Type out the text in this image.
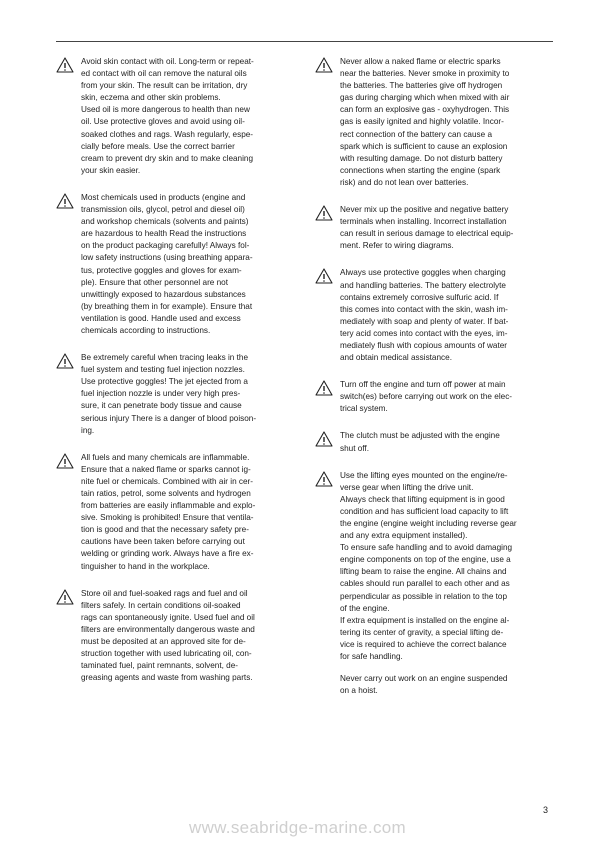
Avoid skin contact with oil. Long-term or repeat-
ed contact with oil can remove the natural oils
from your skin. The result can be irritation, dry
skin, eczema and other skin problems.
Used oil is more dangerous to health than new
oil. Use protective gloves and avoid using oil-
soaked clothes and rags. Wash regularly, espe-
cially before meals. Use the correct barrier
cream to prevent dry skin and to make cleaning
your skin easier.

Most chemicals used in products (engine and
transmission oils, glycol, petrol and diesel oil)
and workshop chemicals (solvents and paints)
are hazardous to health Read the instructions
on the product packaging carefully! Always fol-
low safety instructions (using breathing appara-
tus, protective goggles and gloves for exam-
ple). Ensure that other personnel are not
unwittingly exposed to hazardous substances
(by breathing them in for example). Ensure that
ventilation is good. Handle used and excess
chemicals according to instructions.

Be extremely careful when tracing leaks in the
fuel system and testing fuel injection nozzles.
Use protective goggles! The jet ejected from a
fuel injection nozzle is under very high pres-
sure, it can penetrate body tissue and cause
serious injury There is a danger of blood poison-
ing.

All fuels and many chemicals are inflammable.
Ensure that a naked flame or sparks cannot ig-
nite fuel or chemicals. Combined with air in cer-
tain ratios, petrol, some solvents and hydrogen
from batteries are easily inflammable and explo-
sive. Smoking is prohibited! Ensure that ventila-
tion is good and that the necessary safety pre-
cautions have been taken before carrying out
welding or grinding work. Always have a fire ex-
tinguisher to hand in the workplace.

Store oil and fuel-soaked rags and fuel and oil
filters safely. In certain conditions oil-soaked
rags can spontaneously ignite. Used fuel and oil
filters are environmentally dangerous waste and
must be deposited at an approved site for de-
struction together with used lubricating oil, con-
taminated fuel, paint remnants, solvent, de-
greasing agents and waste from washing parts.

Never allow a naked flame or electric sparks
near the batteries. Never smoke in proximity to
the batteries. The batteries give off hydrogen
gas during charging which when mixed with air
can form an explosive gas - oxyhydrogen. This
gas is easily ignited and highly volatile. Incor-
rect connection of the battery can cause a
spark which is sufficient to cause an explosion
with resulting damage. Do not disturb battery
connections when starting the engine (spark
risk) and do not lean over batteries.

Never mix up the positive and negative battery
terminals when installing. Incorrect installation
can result in serious damage to electrical equip-
ment. Refer to wiring diagrams.

Always use protective goggles when charging
and handling batteries. The battery electrolyte
contains extremely corrosive sulfuric acid. If
this comes into contact with the skin, wash im-
mediately with soap and plenty of water. If bat-
tery acid comes into contact with the eyes, im-
mediately flush with copious amounts of water
and obtain medical assistance.

Turn off the engine and turn off power at main
switch(es) before carrying out work on the elec-
trical system.

The clutch must be adjusted with the engine
shut off.

Use the lifting eyes mounted on the engine/re-
verse gear when lifting the drive unit.
Always check that lifting equipment is in good
condition and has sufficient load capacity to lift
the engine (engine weight including reverse gear
and any extra equipment installed).
To ensure safe handling and to avoid damaging
engine components on top of the engine, use a
lifting beam to raise the engine. All chains and
cables should run parallel to each other and as
perpendicular as possible in relation to the top
of the engine.
If extra equipment is installed on the engine al-
tering its center of gravity, a special lifting de-
vice is required to achieve the correct balance
for safe handling.

Never carry out work on an engine suspended
on a hoist.

3
www.seabridge-marine.com
